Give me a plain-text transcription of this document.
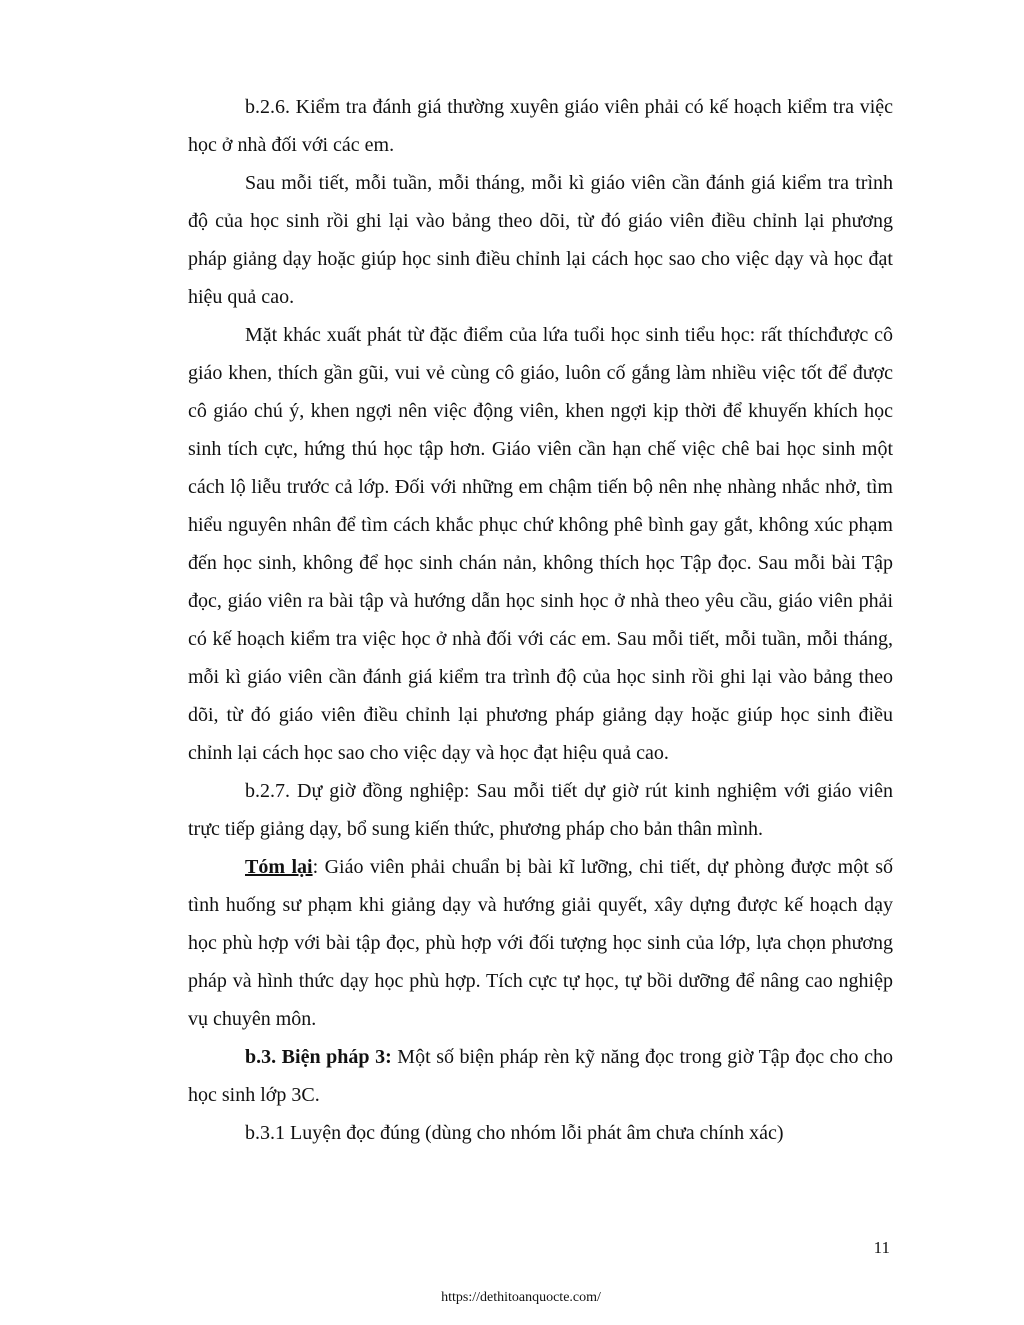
b.2.6. Kiểm tra đánh giá thường xuyên giáo viên phải có kế hoạch kiểm tra việc học ở nhà đối với các em.

Sau mỗi tiết, mỗi tuần, mỗi tháng, mỗi kì giáo viên cần đánh giá kiểm tra trình độ của học sinh rồi ghi lại vào bảng theo dõi, từ đó giáo viên điều chỉnh lại phương pháp giảng dạy hoặc giúp học sinh điều chỉnh lại cách học sao cho việc dạy và học đạt hiệu quả cao.

Mặt khác xuất phát từ đặc điểm của lứa tuổi học sinh tiểu học: rất thíchđược cô giáo khen, thích gần gũi, vui vẻ cùng cô giáo, luôn cố gắng làm nhiều việc tốt để được cô giáo chú ý, khen ngợi nên việc động viên, khen ngợi kịp thời để khuyến khích học sinh tích cực, hứng thú học tập hơn. Giáo viên cần hạn chế việc chê bai học sinh một cách lộ liễu trước cả lớp. Đối với những em chậm tiến bộ nên nhẹ nhàng nhắc nhở, tìm hiểu nguyên nhân để tìm cách khắc phục chứ không phê bình gay gắt, không xúc phạm đến học sinh, không để học sinh chán nản, không thích học Tập đọc. Sau mỗi bài Tập đọc, giáo viên ra bài tập và hướng dẫn học sinh học ở nhà theo yêu cầu, giáo viên phải có kế hoạch kiểm tra việc học ở nhà đối với các em. Sau mỗi tiết, mỗi tuần, mỗi tháng, mỗi kì giáo viên cần đánh giá kiểm tra trình độ của học sinh rồi ghi lại vào bảng theo dõi, từ đó giáo viên điều chỉnh lại phương pháp giảng dạy hoặc giúp học sinh điều chỉnh lại cách học sao cho việc dạy và học đạt hiệu quả cao.

b.2.7. Dự giờ đồng nghiệp: Sau mỗi tiết dự giờ rút kinh nghiệm với giáo viên trực tiếp giảng dạy, bổ sung kiến thức, phương pháp cho bản thân mình.

Tóm lại: Giáo viên phải chuẩn bị bài kĩ lưỡng, chi tiết, dự phòng được một số tình huống sư phạm khi giảng dạy và hướng giải quyết, xây dựng được kế hoạch dạy học phù hợp với bài tập đọc, phù hợp với đối tượng học sinh của lớp, lựa chọn phương pháp và hình thức dạy học phù hợp. Tích cực tự học, tự bồi dưỡng để nâng cao nghiệp vụ chuyên môn.

b.3. Biện pháp 3: Một số biện pháp rèn kỹ năng đọc trong giờ Tập đọc cho cho học sinh lớp 3C.

b.3.1 Luyện đọc đúng (dùng cho nhóm lỗi phát âm chưa chính xác)

11

https://dethitoanquocte.com/
